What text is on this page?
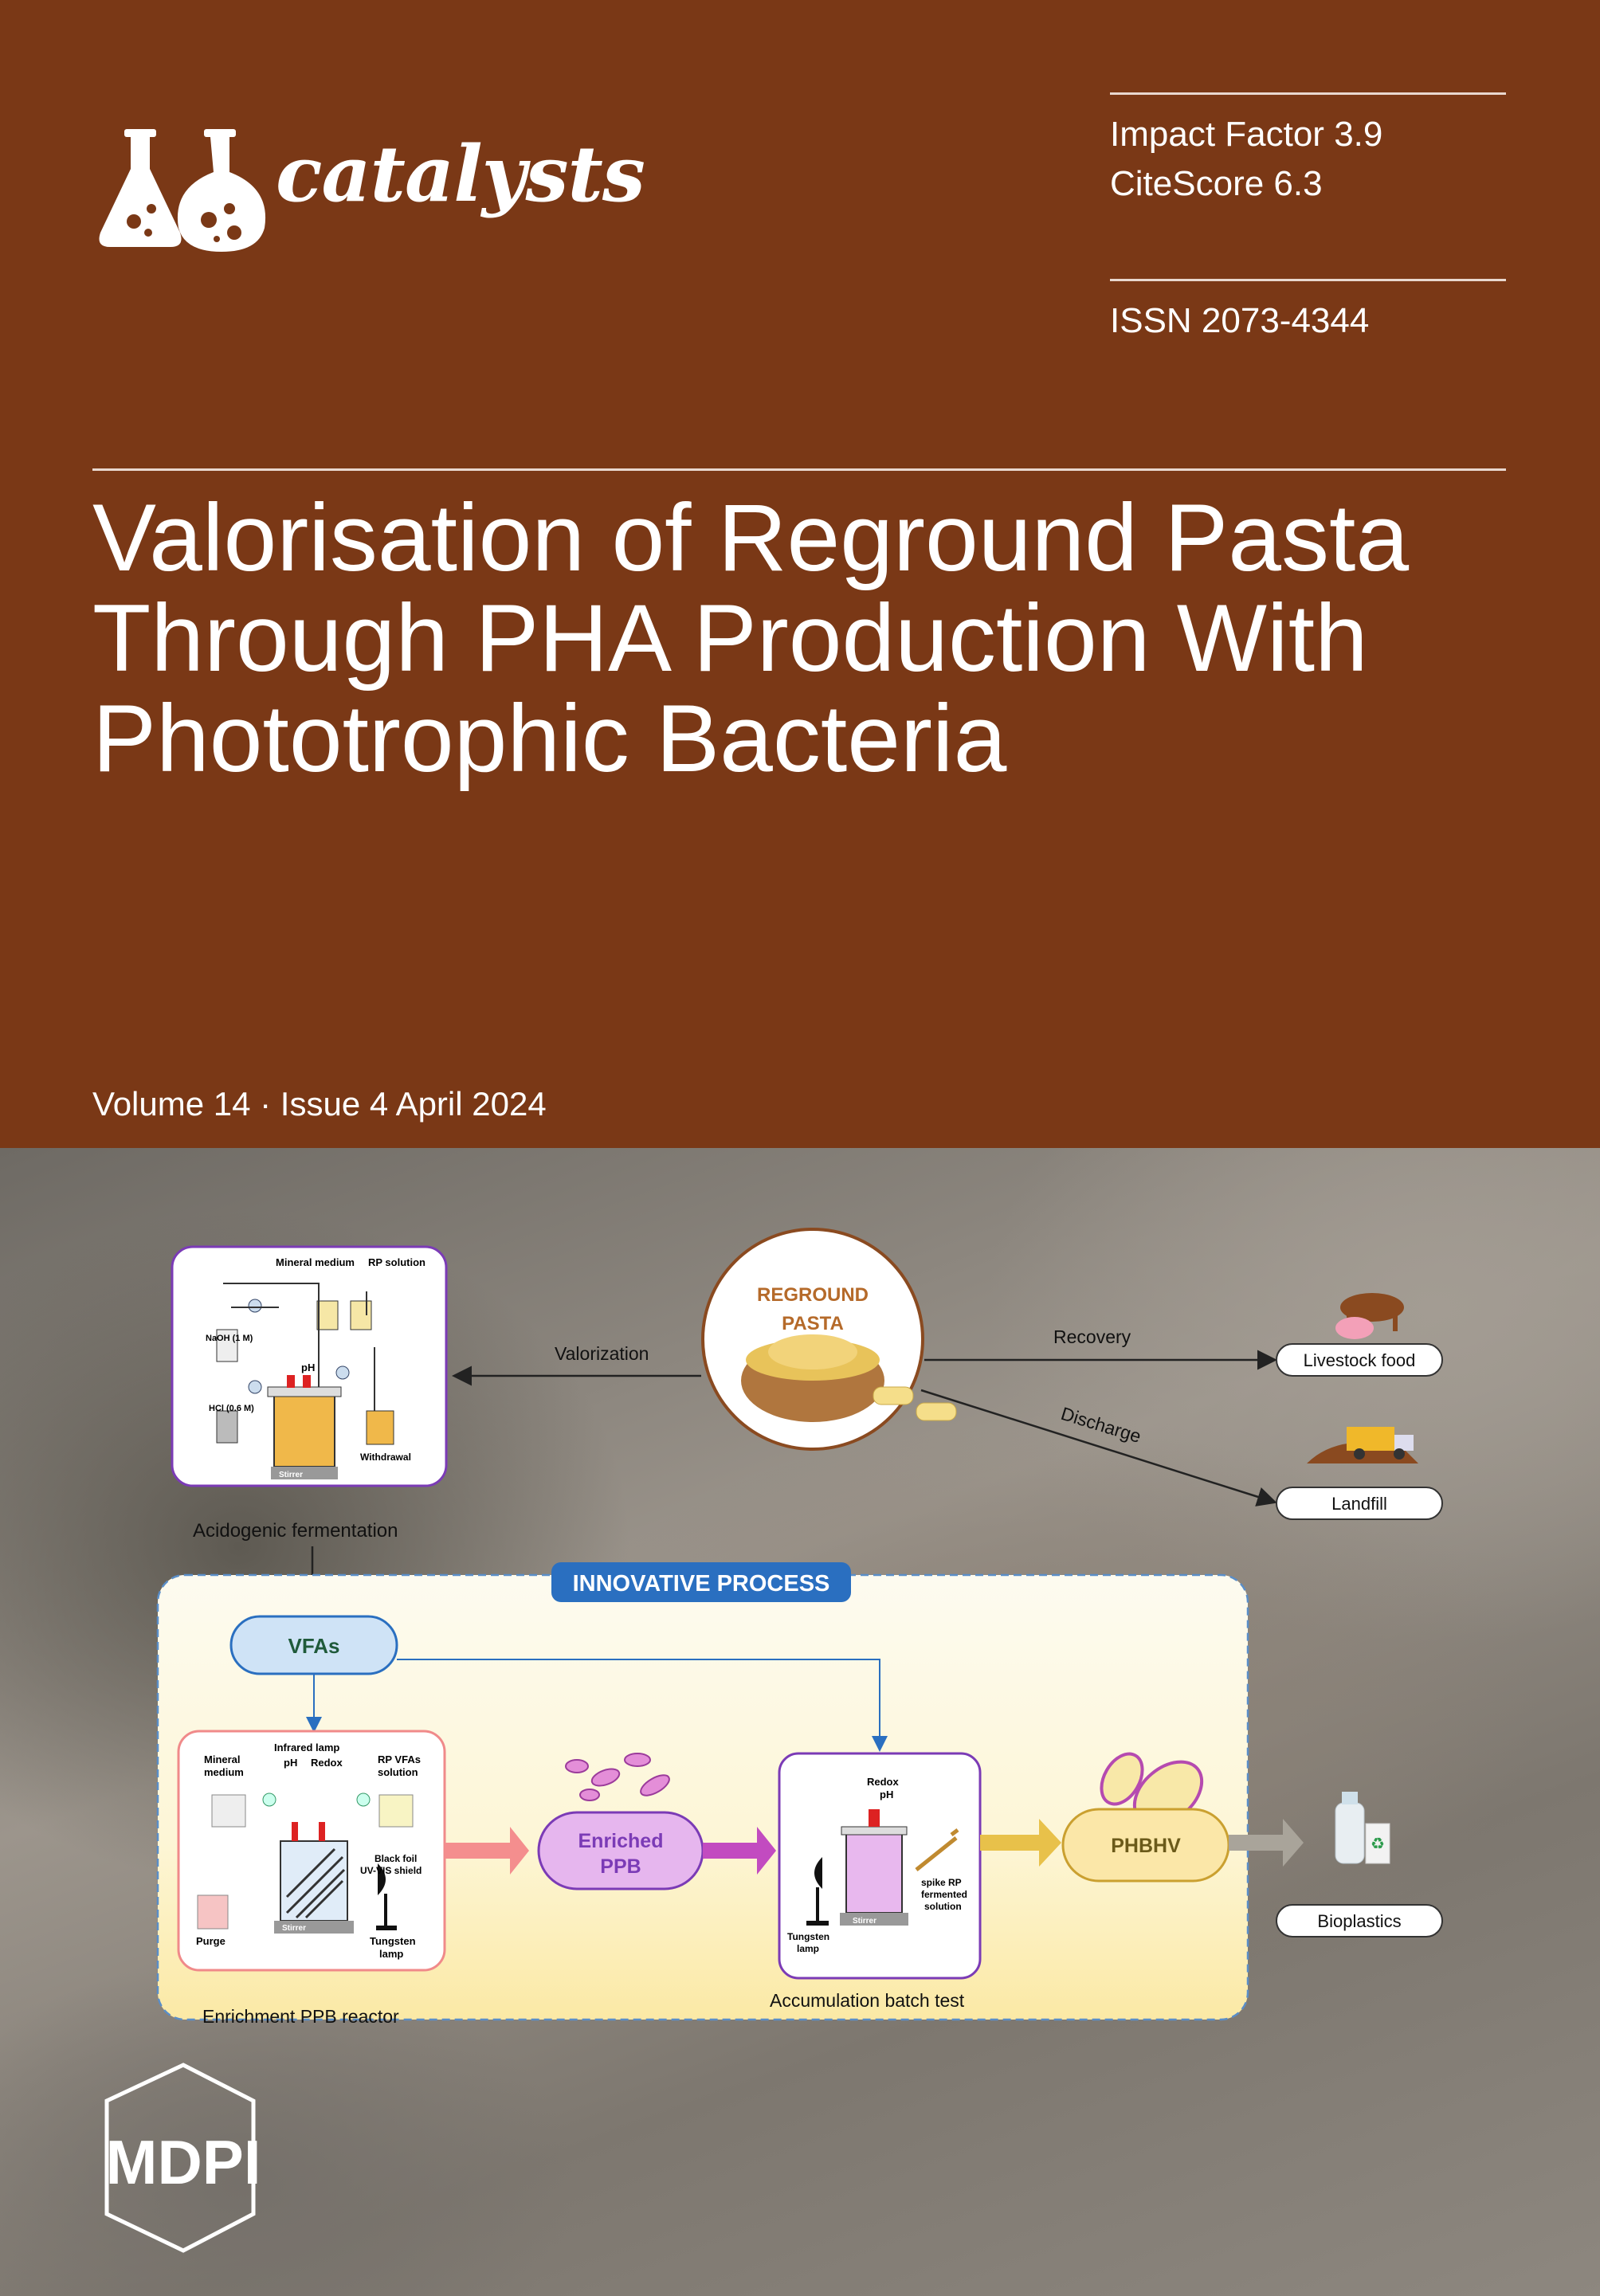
catalysts	Impact Factor 3.9
CiteScore 6.3
ISSN 2073-4344
Valorisation of Reground Pasta
Through PHA Production With
Phototrophic Bacteria
Volume 14 · Issue 4 April 2024
Mineral medium RP solution
NaOH (1 M)
HCl (0.6 M)
pH
Withdrawal
Stirrer
Acidogenic fermentation
REGROUND
PASTA
Valorization
Recovery
Discharge
Livestock food
Landfill
INNOVATIVE PROCESS
VFAs
Mineral
medium
Infrared lamp
pH Redox	RP VFAs
solution
Black foil
UV-VIS shield
Purge
Stirrer
Tungsten
lamp
Enrichment PPB reactor
Enriched
PPB
Redox
pH
spike RP
fermented
solution
Tungsten
lamp
Stirrer
Accumulation batch test
PHBHV	♻
Bioplastics
MDPI
